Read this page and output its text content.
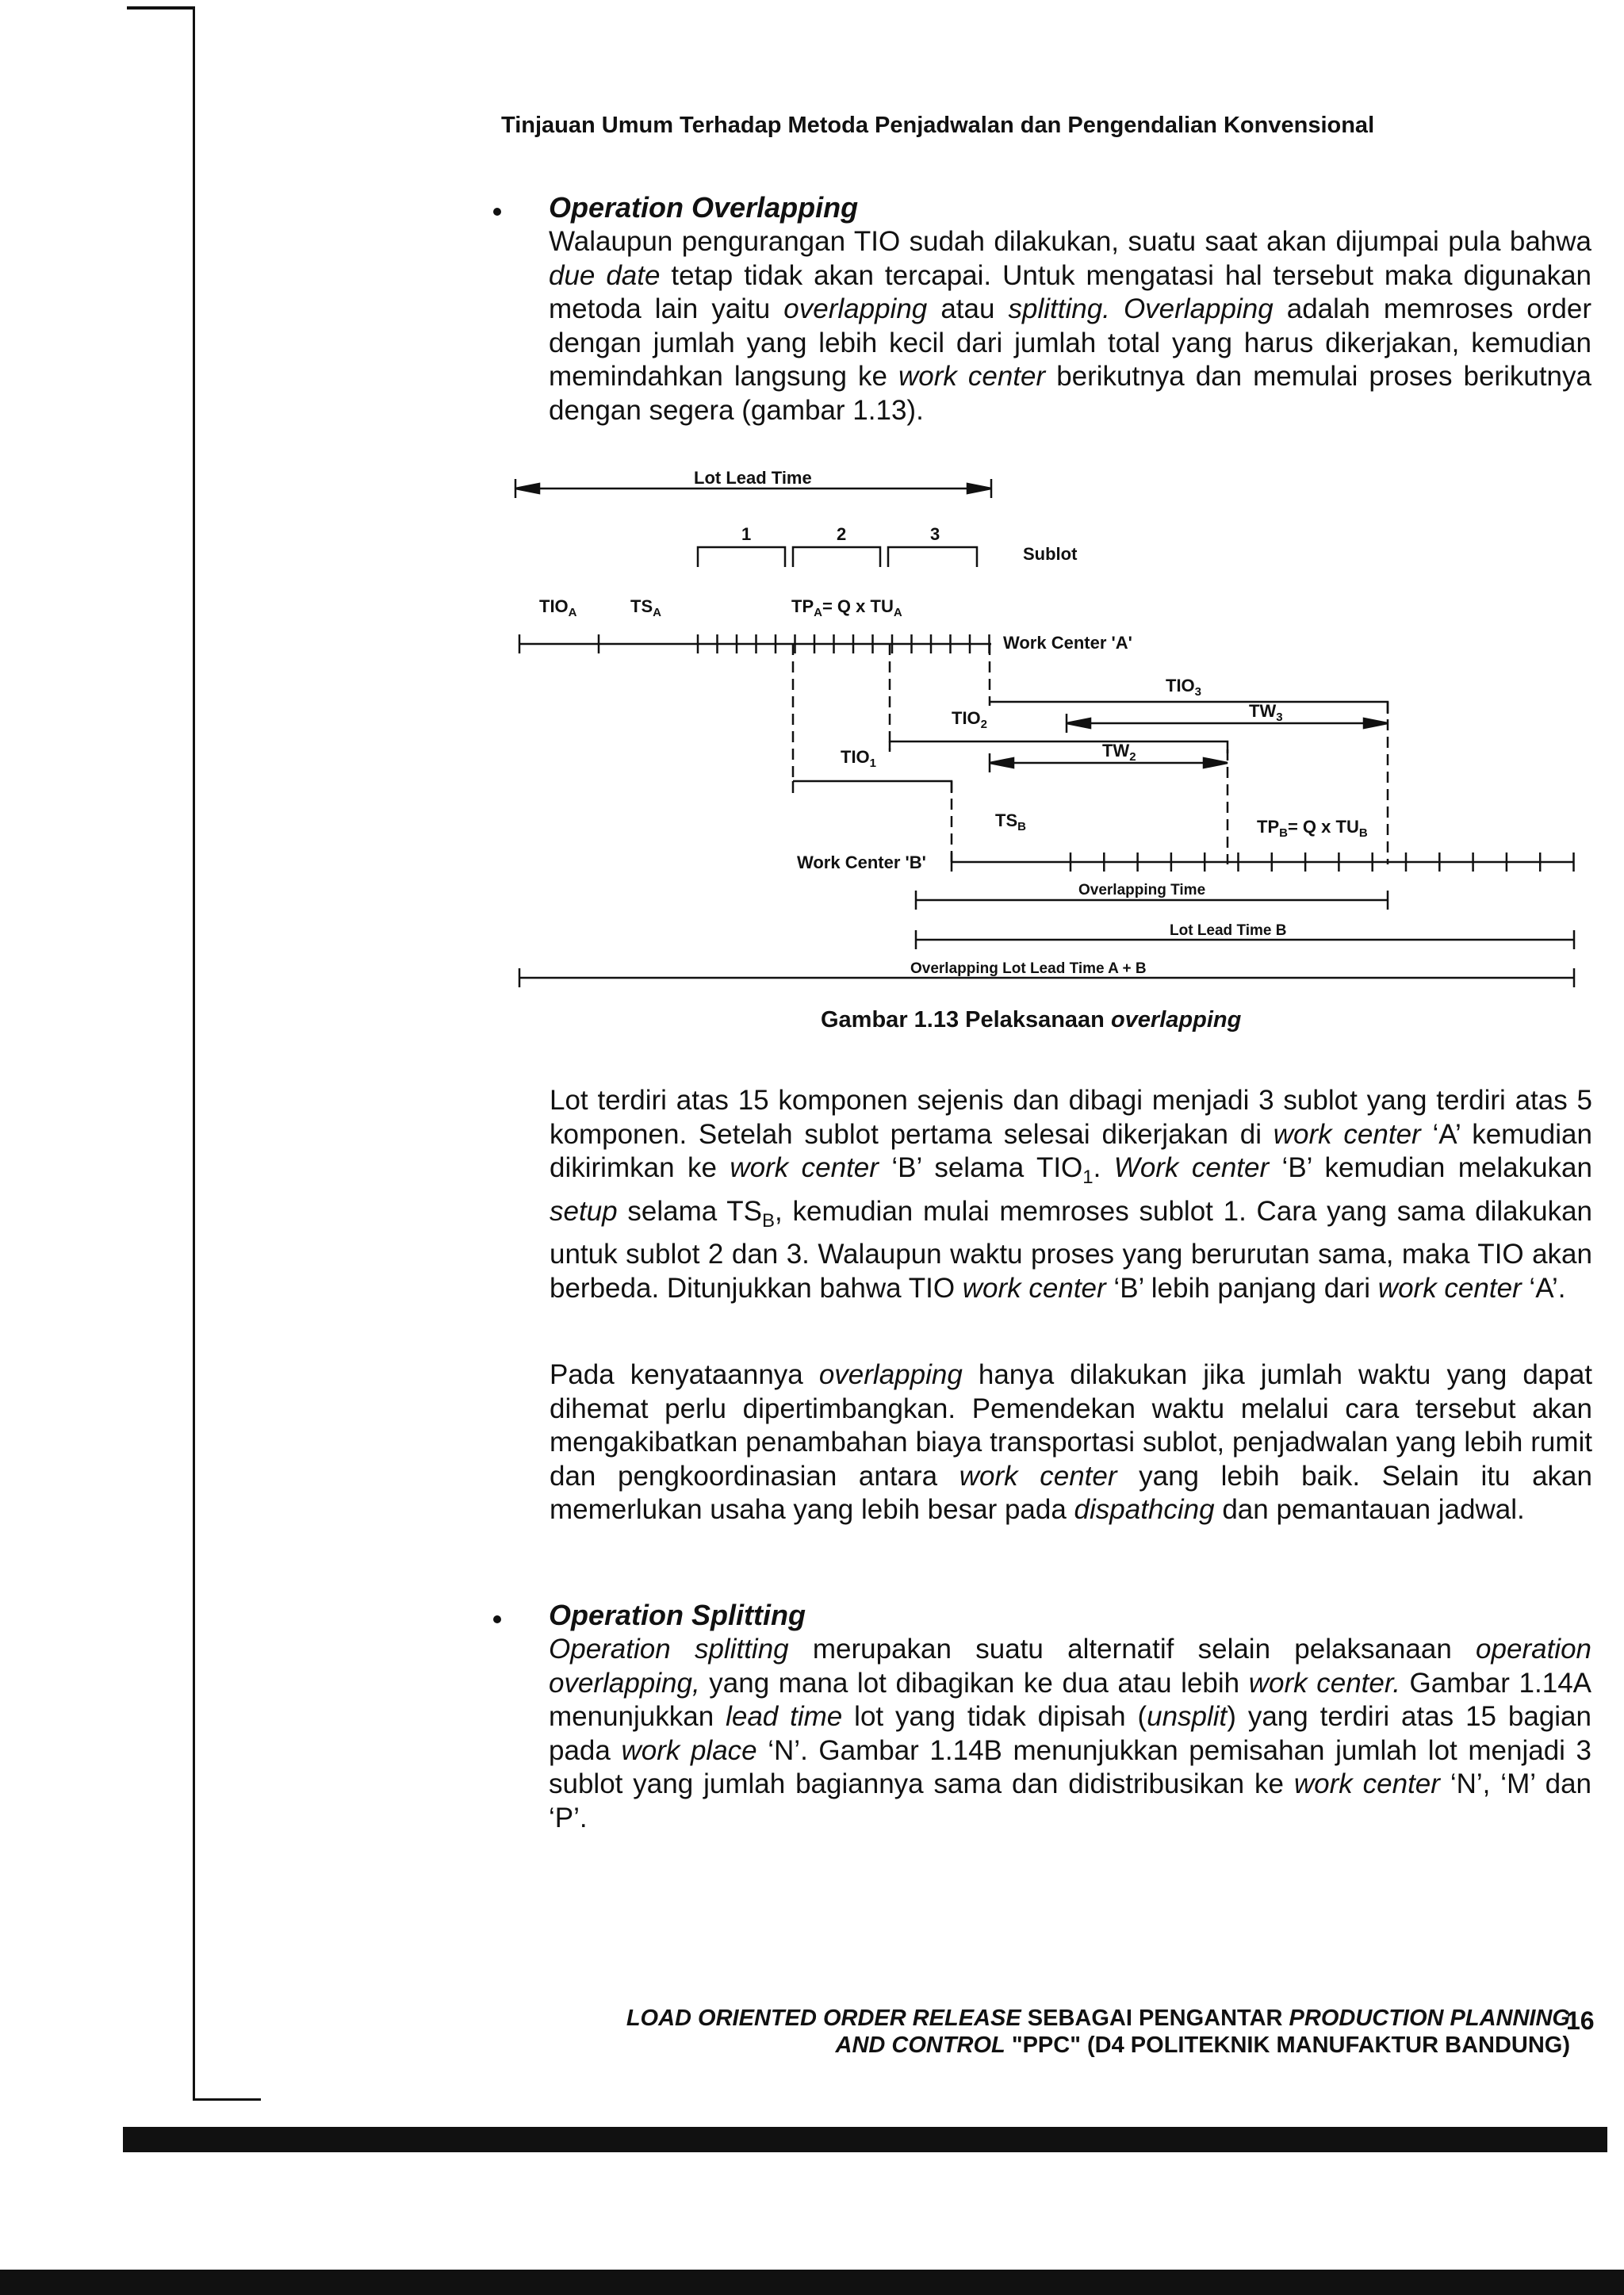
Tinjauan Umum Terhadap Metoda Penjadwalan dan Pengendalian Konvensional
Operation Overlapping
Walaupun pengurangan TIO sudah dilakukan, suatu saat akan dijumpai pula bahwa due date tetap tidak akan tercapai. Untuk mengatasi hal tersebut maka digunakan metoda lain yaitu overlapping atau splitting. Overlapping adalah memroses order dengan jumlah yang lebih kecil dari jumlah total yang harus dikerjakan, kemudian memindahkan langsung ke work center berikutnya dan memulai proses berikutnya dengan segera (gambar 1.13).
Lot Lead Time
1	2	3
Sublot
$TIO_A$	$TS_A$	$TP_A= Q$ x $TU_A$
Work Center 'A'
$TIO_3$
$TIO_2$
$TW_3$
$TIO_1$
$TW_2$
$TS_B$	$TP_B= Q$ x $TU_B$
Work Center 'B'
Overlapping Time
Lot Lead Time B
Overlapping Lot Lead Time A + B
Gambar 1.13 Pelaksanaan overlapping
Lot terdiri atas 15 komponen sejenis dan dibagi menjadi 3 sublot yang terdiri atas 5 komponen. Setelah sublot pertama selesai dikerjakan di work center ‘A’ kemudian dikirimkan ke work center ‘B’ selama $TIO_1$. Work center ‘B’ kemudian melakukan setup selama $TS_B$, kemudian mulai memroses sublot 1. Cara yang sama dilakukan untuk sublot 2 dan 3. Walaupun waktu proses yang berurutan sama, maka TIO akan berbeda. Ditunjukkan bahwa TIO work center ‘B’ lebih panjang dari work center ‘A’.
Pada kenyataannya overlapping hanya dilakukan jika jumlah waktu yang dapat dihemat perlu dipertimbangkan. Pemendekan waktu melalui cara tersebut akan mengakibatkan penambahan biaya transportasi sublot, penjadwalan yang lebih rumit dan pengkoordinasian antara work center yang lebih baik. Selain itu akan memerlukan usaha yang lebih besar pada dispathcing dan pemantauan jadwal.
Operation Splitting
Operation splitting merupakan suatu alternatif selain pelaksanaan operation overlapping, yang mana lot dibagikan ke dua atau lebih work center. Gambar 1.14A menunjukkan lead time lot yang tidak dipisah (unsplit) yang terdiri atas 15 bagian pada work place ‘N’. Gambar 1.14B menunjukkan pemisahan jumlah lot menjadi 3 sublot yang jumlah bagiannya sama dan didistribusikan ke work center ‘N’, ‘M’ dan ‘P’.
LOAD ORIENTED ORDER RELEASE SEBAGAI PENGANTAR PRODUCTION PLANNING
AND CONTROL "PPC" (D4 POLITEKNIK MANUFAKTUR BANDUNG)
16
